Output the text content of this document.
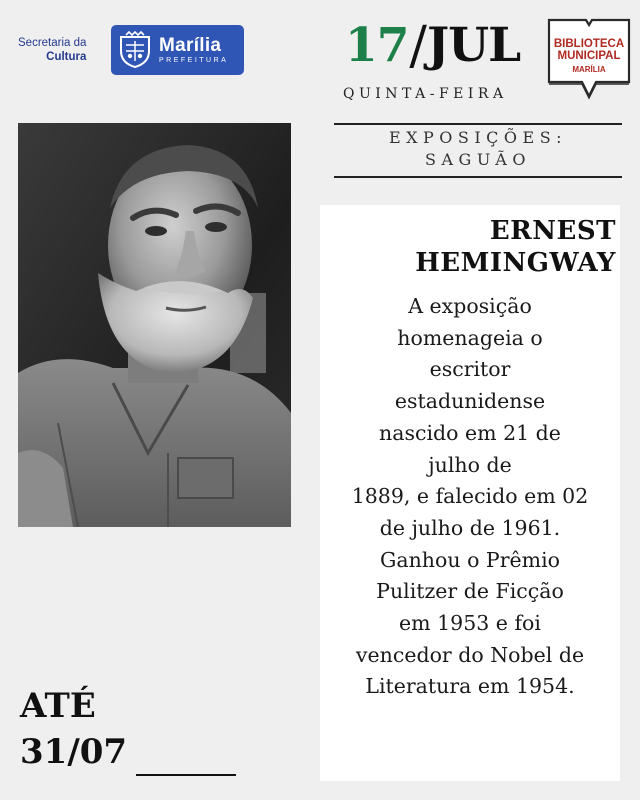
Secretaria da
Cultura
Marília
PREFEITURA 17 / JUL
QUINTA-FEIRA
BIBLIOTECA
MUNICIPAL
MARÍLIA
EXPOSIÇÕES:
SAGUÃO
ERNEST
HEMINGWAY
A exposição
homenageia o
escritor
estadunidense
nascido em 21 de
julho de
1889, e falecido em 02
de julho de 1961.
Ganhou o Prêmio
Pulitzer de Ficção
em 1953 e foi
vencedor do Nobel de
Literatura em 1954.
ATÉ
31/07
